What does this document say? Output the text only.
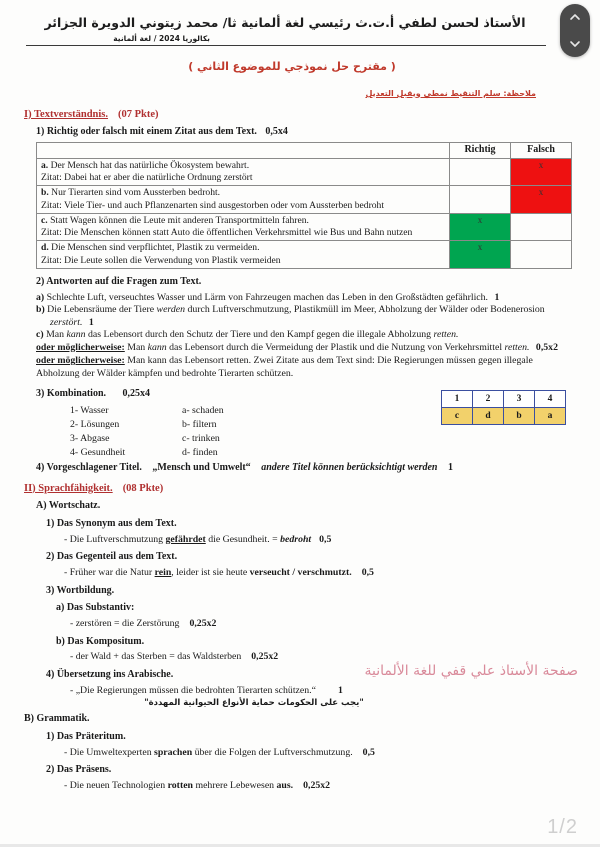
الأستاذ لحسن لطفي أ.ت.ث رئيسي لغة ألمانية ثا/ محمد زيتوني الدويرة الجزائر
بكالوريا 2024 / لغة ألمانية
( مقترح حل نموذجي للموضوع الثاني )
ملاحظة: سلم التنقيط نمطي ويقبل التعديل
I) Textverständnis. (07 Pkte)
1) Richtig oder falsch mit einem Zitat aus dem Text. 0,5x4
	Richtig	Falsch
a. Der Mensch hat das natürliche Ökosystem bewahrt.
Zitat: Dabei hat er aber die natürliche Ordnung zerstört		x
b. Nur Tierarten sind vom Aussterben bedroht.
Zitat: Viele Tier- und auch Pflanzenarten sind ausgestorben oder vom Aussterben bedroht		x
c. Statt Wagen können die Leute mit anderen Transportmitteln fahren.
Zitat: Die Menschen können statt Auto die öffentlichen Verkehrsmittel wie Bus und Bahn nutzen	x	
d. Die Menschen sind verpflichtet, Plastik zu vermeiden.
Zitat: Die Leute sollen die Verwendung von Plastik vermeiden	x	
2) Antworten auf die Fragen zum Text.
a) Schlechte Luft, verseuchtes Wasser und Lärm von Fahrzeugen machen das Leben in den Großstädten gefährlich. 1
b) Die Lebensräume der Tiere werden durch Luftverschmutzung, Plastikmüll im Meer, Abholzung der Wälder oder Bodenerosion zerstört. 1
c) Man kann das Lebensort durch den Schutz der Tiere und den Kampf gegen die illegale Abholzung retten.
oder möglicherweise: Man kann das Lebensort durch die Vermeidung der Plastik und die Nutzung von Verkehrsmittel retten. 0,5x2
oder möglicherweise: Man kann das Lebensort retten. Zwei Zitate aus dem Text sind: Die Regierungen müssen gegen illegale Abholzung der Wälder kämpfen und bedrohte Tierarten schützen.
3) Kombination. 0,25x4
1- Wasser	a- schaden
2- Lösungen	b- filtern
3- Abgase	c- trinken
4- Gesundheit	d- finden
1	2	3	4
c	d	b	a
4) Vorgeschlagener Titel. „Mensch und Umwelt“ andere Titel können berücksichtigt werden 1
II) Sprachfähigkeit. (08 Pkte)
A) Wortschatz.
1) Das Synonym aus dem Text.
- Die Luftverschmutzung gefährdet die Gesundheit. = bedroht 0,5
2) Das Gegenteil aus dem Text.
- Früher war die Natur rein, leider ist sie heute verseucht / verschmutzt. 0,5
3) Wortbildung.
a) Das Substantiv:
- zerstören = die Zerstörung 0,25x2
b) Das Kompositum.
- der Wald + das Sterben = das Waldsterben 0,25x2
4) Übersetzung ins Arabische.
- „Die Regierungen müssen die bedrohten Tierarten schützen.“ 1
"يجب على الحكومات حماية الأنواع الحيوانية المهددة"
B) Grammatik.
1) Das Präteritum.
- Die Umweltexperten sprachen über die Folgen der Luftverschmutzung. 0,5
2) Das Präsens.
- Die neuen Technologien rotten mehrere Lebewesen aus. 0,25x2
صفحة الأستاذ علي قفي للغة الألمانية
1/2
